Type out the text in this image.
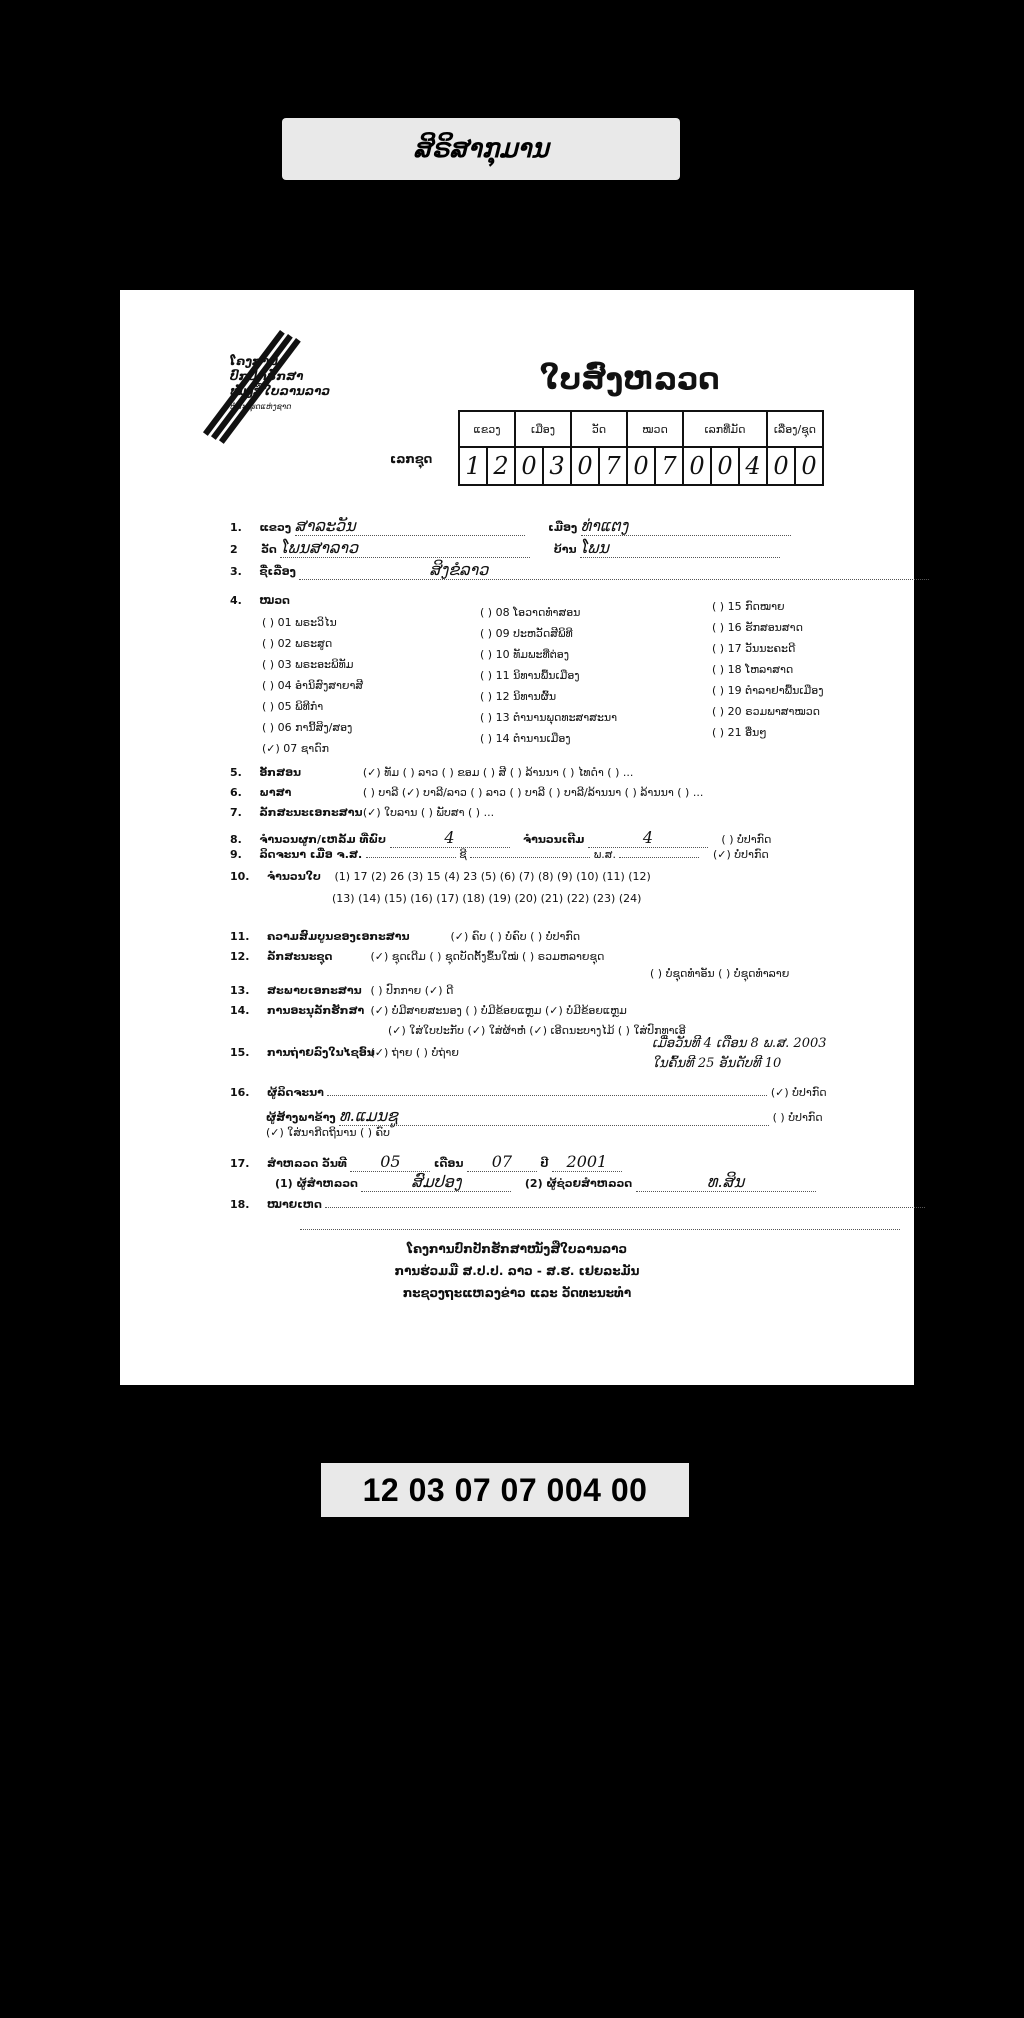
ສິຣິສາກຸມານ
ໂຄງການ
ປົກປັກຮັກສາ
ໜັງສືໃບລານລາວ
ຫໍສະໝຸດແຫ່ງຊາດ
ໃບສ່ົງຫລວດ
ເລກຊຸດ
ແຂວງ		ເມືອງ		ວັດ		ໝວດ		ເລກທີ່ມັດ			ເລື່ອງ/ຊຸດ	
1	2	0	3	0	7	0	7	0	0	4	0	0
1. ແຂວງ ສາລະວັນ	ເມືອງ ທ່າແຕງ
2 ວັດ ໂພນສາລາວ	ບ້ານ ໂພນ
3. ຊື່ເລື່ອງ	ສິງຂໍລາວ
4. ໝວດ
( ) 01 ພຣະວິໄນ
( ) 02 ພຣະສູດ
( ) 03 ພຣະອະພິທັມ
( ) 04 ອຳນິສົງສາຍາສີ
( ) 05 ພິທີກຳ
( ) 06 ການີ້ສິງ/ສອງ
(✓) 07 ຊາດົກ
( ) 08 ໂອວາດທຳສອນ
( ) 09 ປະຫວັດສີພິທີ
( ) 10 ທັມພະທີ່ຕ່ອງ
( ) 11 ນິທານພື້ນເມືອງ
( ) 12 ນິທານຜົ້ນ
( ) 13 ຕຳນານພຸດທະສາສະນາ
( ) 14 ຕຳນານເມືອງ
( ) 15 ກົດໝາຍ
( ) 16 ຮັກສອນສາດ
( ) 17 ວັນນະຄະດີ
( ) 18 ໂຫລາສາດ
( ) 19 ຕຳລາຢາພື້ນເມືອງ
( ) 20 ຣວມພາສາໝວດ
( ) 21 ອື່ນໆ
5. ອັກສອນ	(✓) ທັມ ( ) ລາວ ( ) ຂອມ ( ) ສີ ( ) ລ້ານນາ ( ) ໄທດຳ ( ) ...
6. ພາສາ	( ) ບາລີ (✓) ບາລີ/ລາວ ( ) ລາວ ( ) ບາລີ ( ) ບາລີ/ລ້ານນາ ( ) ລ້ານນາ ( ) ...
7. ລັກສະນະເອກະສານ (✓) ໃບລານ ( ) ພັບສາ ( ) ...
8. ຈຳນວນຜູກ/ເຫລັ້ມ ທີ່ພົບ	4	ຈຳນວນເຕີມ	4	( ) ບໍ່ປາກົດ
9. ລິດຈະນາ ເມື່ອ ຈ.ສ.	ຊີ	ພ.ສ.	(✓) ບໍ່ປາກົດ
10. ຈຳນວນໃບ (1) 17 (2) 26 (3) 15 (4) 23 (5) (6) (7) (8) (9) (10) (11) (12)
(13) (14) (15) (16) (17) (18) (19) (20) (21) (22) (23) (24)
11. ຄວາມສົມບູນຂອງເອກະສານ	(✓) ຄົບ ( ) ບໍ່ຄົບ ( ) ບໍ່ປາກົດ
12. ລັກສະນະຊຸດ	(✓) ຊຸດເດີມ ( ) ຊຸດບັດຕັ້ງຂຶ້ນໃໝ່ ( ) ຣວມຫລາຍຊຸດ
( ) ບໍ່ຊຸດທຳອັນ ( ) ບໍ່ຊຸດທຳລາຍ
13. ສະພາບເອກະສານ ( ) ປົກກາຍ (✓) ດີ
14. ການອະນຸລັກຮັກສາ (✓) ບໍ່ມີສາຍສະນອງ ( ) ບໍ່ມີຂ້ອຍແຫຼມ (✓) ບໍ່ມີຂ້ອຍແຫຼມ
(✓) ໃສ່ໃບປະກັບ (✓) ໃສ່ຜ້າຫໍ່ (✓) ເອີດນະບາງໄມ້ ( ) ໃສ່ປົກທາເອີ
15. ການຖ່າຍລົງໃນໄຊອົນ (✓) ຖ່າຍ ( ) ບໍ່ຖ່າຍ
ເມື່ອວັນທີ 4 ເດືອນ 8 ພ.ສ. 2003
ໃນຄົ້ນທີ 25 ອັນດັບທີ 10
16. ຜູ້ລິດຈະນາ	(✓) ບໍ່ປາກົດ
ຜູ້ສ້າງພາຂ້າງ ທ.ແມນຊູ	( ) ບໍ່ປາກົດ
(✓) ໃສ່ນາກີດຖິນານ ( ) ຄົບ
17. ສຳຫລວດ ວັນທີ 05	ເດືອນ 07	ປີ 2001
(1) ຜູ້ສຳຫລວດ	ສົມປອງ	(2) ຜູ້ຊ່ວຍສຳຫລວດ	ທ.ສິນ
18. ໝາຍເຫດ
ໂຄງການປົກປັກຮັກສາໜັງສືໃບລານລາວ
ການຮ່ວມມື ສ.ປ.ປ. ລາວ - ສ.ຮ. ເຢຍລະມັນ
ກະຊວງຖະແຫລງຂ່າວ ແລະ ວັດທະນະທຳ
12 03 07 07 004 00
